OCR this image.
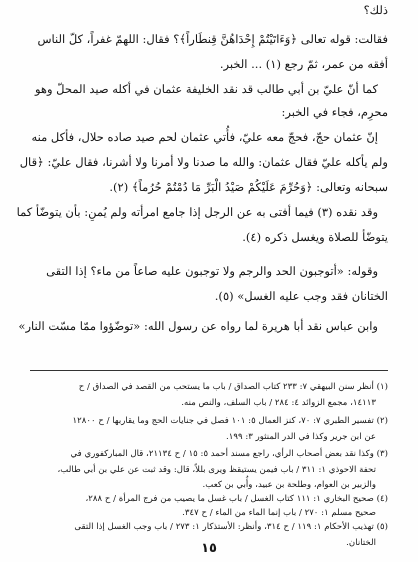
ذلك؟
فقالت: قوله تعالى ﴿وَءَاتَيْتُمْ إِحْدَاهُنَّ قِنطَاراً﴾؟ فقال: اللهمّ غفراً، كلّ الناس
أفقه من عمر، ثمّ رجع (١) ... الخبر.
كما أنّ عليّ بن أبي طالب قد نقد الخليفة عثمان في أكله صيد المحلّ وهو
محرِم، فجاء في الخبر:
إنّ عثمان حجّ، فحجّ معه عليّ، فأُتي عثمان لحم صيد صاده حلال، فأكل منه
ولم يأكله عليّ فقال عثمان: والله ما صدنا ولا أمرنا ولا أشرنا، فقال عليّ: ﴿قال
سبحانه وتعالى: ﴿وَحُرِّمَ عَلَيْكُمْ صَيْدُ الْبَرِّ مَا دُمْتُمْ حُرُماً﴾ (٢).
وقد نقده (٣) فيما أفتى به عن الرجل إذا جامع امرأته ولم يُمنِ: بأن يتوضّأ كما
يتوضّأ للصلاة ويغسل ذكره (٤).
وقوله: «أتوجبون الحد والرجم ولا توجبون عليه صاعاً من ماء؟ إذا التقى
الختانان فقد وجب عليه الغسل» (٥).
وابن عباس نقد أبا هريرة لما رواه عن رسول الله: «توضّؤوا ممّا مسّت النار»
(١) أنظر سنن البيهقي ٧: ٢٣٣ كتاب الصداق / باب ما يستحب من القصد في الصداق / ح
١٤١١٣، مجمع الزوائد ٤: ٢٨٤ / باب السلف، والنص منه.
(٢) تفسير الطبري ٧: ٧٠، كنز العمال ٥: ١٠١ فصل في جنايات الحج وما يقاربها / ح ١٢٨٠٠
عن ابن جرير وكذا في الدر المنثور ٣: ١٩٩.
(٣) وكذا نقد بعض أصحاب الرأي، راجع مسند أحمد ٥: ١٥ / ح ٢١١٣٤، قال المباركفوري في
تحفة الاحوذي ١: ٣١١ / باب فيمن يستيقظ ويرى بللاً، قال: وقد ثبت عن علي بن أبي طالب،
والزبير بن العوام، وطلحة بن عبيد، وأُبي بن كعب.
(٤) صحيح البخاري ١: ١١١ كتاب الغسل / باب غسل ما يصيب من فرج المرأة / ح ٢٨٨،
صحيح مسلم ١: ٢٧٠ / باب إنما الماء من الماء / ح ٣٤٧.
(٥) تهذيب الأحكام ١: ١١٩ / ح ٣١٤، وأنظر: الأستذكار ١: ٢٧٣ / باب وجب الغسل إذا التقى
الختانان.
١٥
